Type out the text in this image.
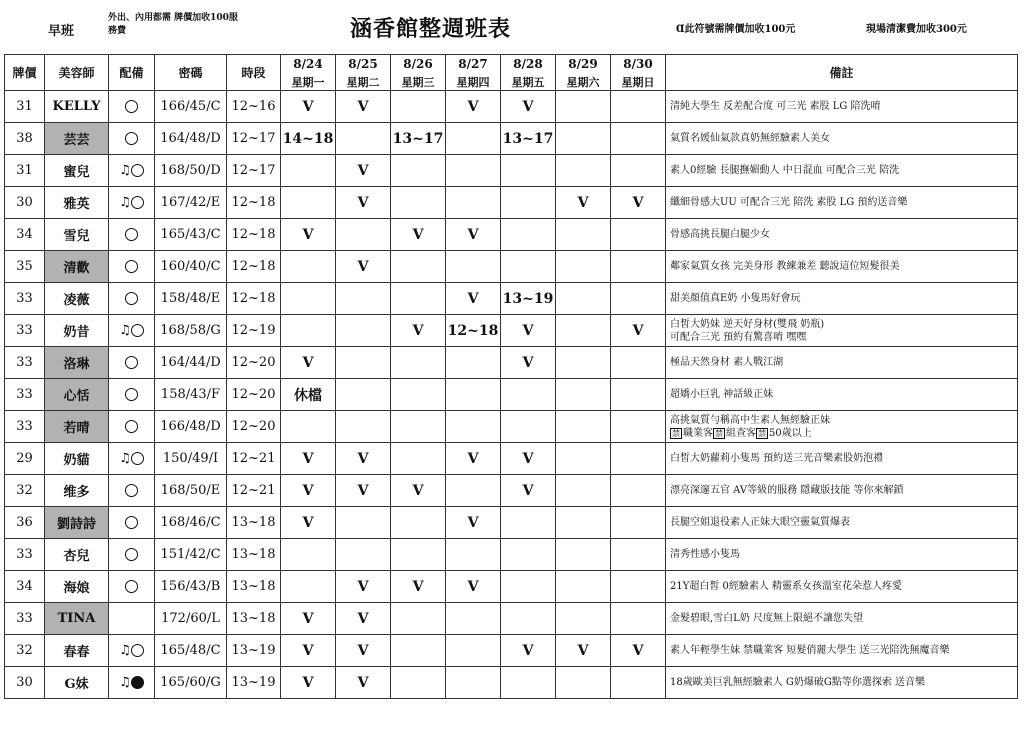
早班
外出、內用都需 牌價加收100服務費	涵香館整週班表	Ɑ此符號需牌價加收100元	現場清潔費加收300元
牌價	美容師	配備	密碼	時段	8/24	8/25	8/26	8/27	8/28	8/29	8/30	備註
					星期一	星期二	星期三	星期四	星期五	星期六	星期日	
31	KELLY		166/45/C	12~16	V	V		V	V			清純大學生 反差配合度 可三光 素股 LG 陪洗唷
38	芸芸		164/48/D	12~17	14~18		13~17		13~17			氣質名媛仙氣款真奶無經驗素人美女
31	蜜兒	♫	168/50/D	12~17		V						素人0經驗 長腿撫媚動人 中日混血 可配合三光 陪洗
30	雅英	♫	167/42/E	12~18		V				V	V	纖細骨感大UU 可配合三光 陪洗 素股 LG 預約送音樂
34	雪兒		165/43/C	12~18	V		V	V				骨感高挑長腿白腿少女
35	清歡		160/40/C	12~18		V						鄰家氣質女孩 完美身形 教練兼差 聽說這位短髮很美
33	凌薇		158/48/E	12~18				V	13~19			甜美顏值真E奶 小隻馬好會玩
33	奶昔	♫	168/58/G	12~19			V	12~18	V		V	白皙大奶妹 逆天好身材(雙飛 奶瓶)
可配合三光 預約有驚喜唷 嘿嘿
33	洛琳		164/44/D	12~20	V				V			極品天然身材 素人戰江湖
33	心恬		158/43/F	12~20	休檔							超嬌小巨乳 神話級正妹
33	若晴		166/48/D	12~20								高挑氣質勻稱高中生素人無經驗正妹
禁 職業客 禁 組查客 禁 50歲以上
29	奶貓	♫	150/49/I	12~21	V	V		V	V			白皙大奶蘿莉小隻馬 預約送三光音樂素股奶泡禮
32	维多		168/50/E	12~21	V	V	V		V			漂亮深邃五官 AV等級的服務 隱藏版技能 等你來解鎖
36	劉詩詩		168/46/C	13~18	V			V				長腿空姐退役素人正妹大眼空靈氣質爆表
33	杏兒		151/42/C	13~18								清秀性感小隻馬
34	海娘		156/43/B	13~18		V	V	V				21Y超白皙 0經驗素人 精靈系女孩溫室花朵惹人疼愛
33	TINA		172/60/L	13~18	V	V						金髮碧眼,雪白L奶 尺度無上限絕不讓您失望
32	春春	♫	165/48/C	13~19	V	V			V	V	V	素人年輕學生妹 禁職業客 短髮俏麗大學生 送三光陪洗無魔音樂
30	G妹	♫	165/60/G	13~19	V	V						18歲歐美巨乳無經驗素人 G奶爆破G點等你選探索 送音樂
